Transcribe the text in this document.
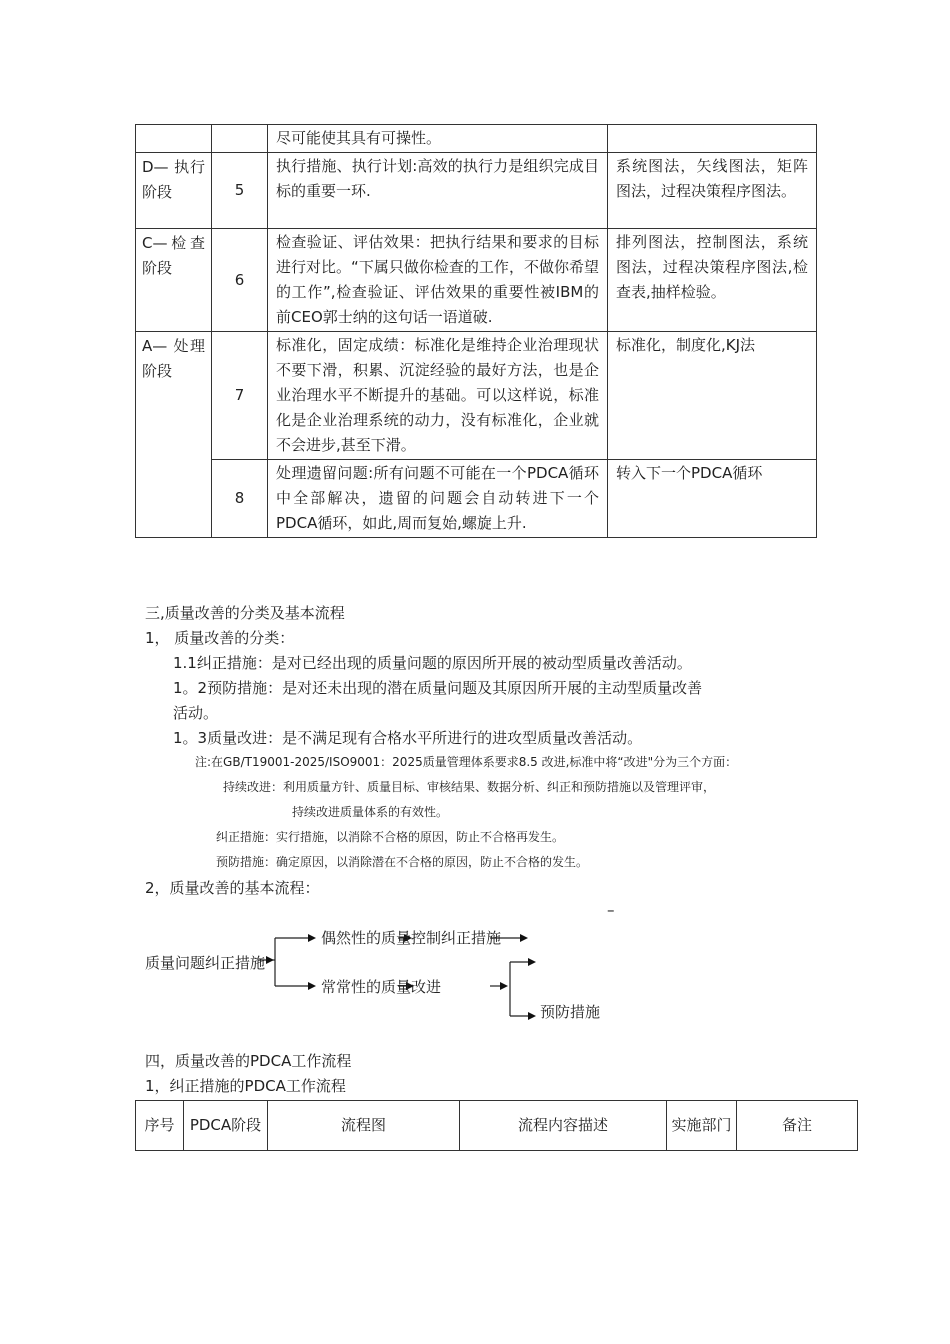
		尽可能使其具有可操性。	
D— 执行阶段	5	执行措施、执行计划:高效的执行力是组织完成目标的重要一环.	系统图法，矢线图法，矩阵图法，过程决策程序图法。
C—检查阶段	6	检查验证、评估效果：把执行结果和要求的目标进行对比。“下属只做你检查的工作，不做你希望的工作”,检查验证、评估效果的重要性被IBM的前CEO郭士纳的这句话一语道破.	排列图法，控制图法，系统图法，过程决策程序图法,检查表,抽样检验。
A— 处理阶段	7	标准化，固定成绩：标准化是维持企业治理现状不要下滑，积累、沉淀经验的最好方法，也是企业治理水平不断提升的基础。可以这样说，标准化是企业治理系统的动力，没有标准化，企业就不会进步,甚至下滑。	标准化，制度化,KJ法
	8	处理遗留问题:所有问题不可能在一个PDCA循环中全部解决，遗留的问题会自动转进下一个PDCA循环，如此,周而复始,螺旋上升.	转入下一个PDCA循环
三,质量改善的分类及基本流程
1， 质量改善的分类：
1.1纠正措施：是对已经出现的质量问题的原因所开展的被动型质量改善活动。
1。2预防措施：是对还未出现的潜在质量问题及其原因所开展的主动型质量改善
活动。
1。3质量改进：是不满足现有合格水平所进行的进攻型质量改善活动。
注:在GB/T19001-2025/ISO9001：2025质量管理体系要求8.5 改进,标准中将“改进"分为三个方面：
持续改进：利用质量方针、质量目标、审核结果、数据分析、纠正和预防措施以及管理评审，
持续改进质量体系的有效性。
纠正措施：实行措施，以消除不合格的原因，防止不合格再发生。
预防措施：确定原因，以消除潜在不合格的原因，防止不合格的发生。
2，质量改善的基本流程：
–
质量问题纠正措施
偶然性的质量控制纠正措施
常常性的质量改进
预防措施
四，质量改善的PDCA工作流程
1，纠正措施的PDCA工作流程
序号	PDCA阶段	流程图	流程内容描述	实施部门	备注
